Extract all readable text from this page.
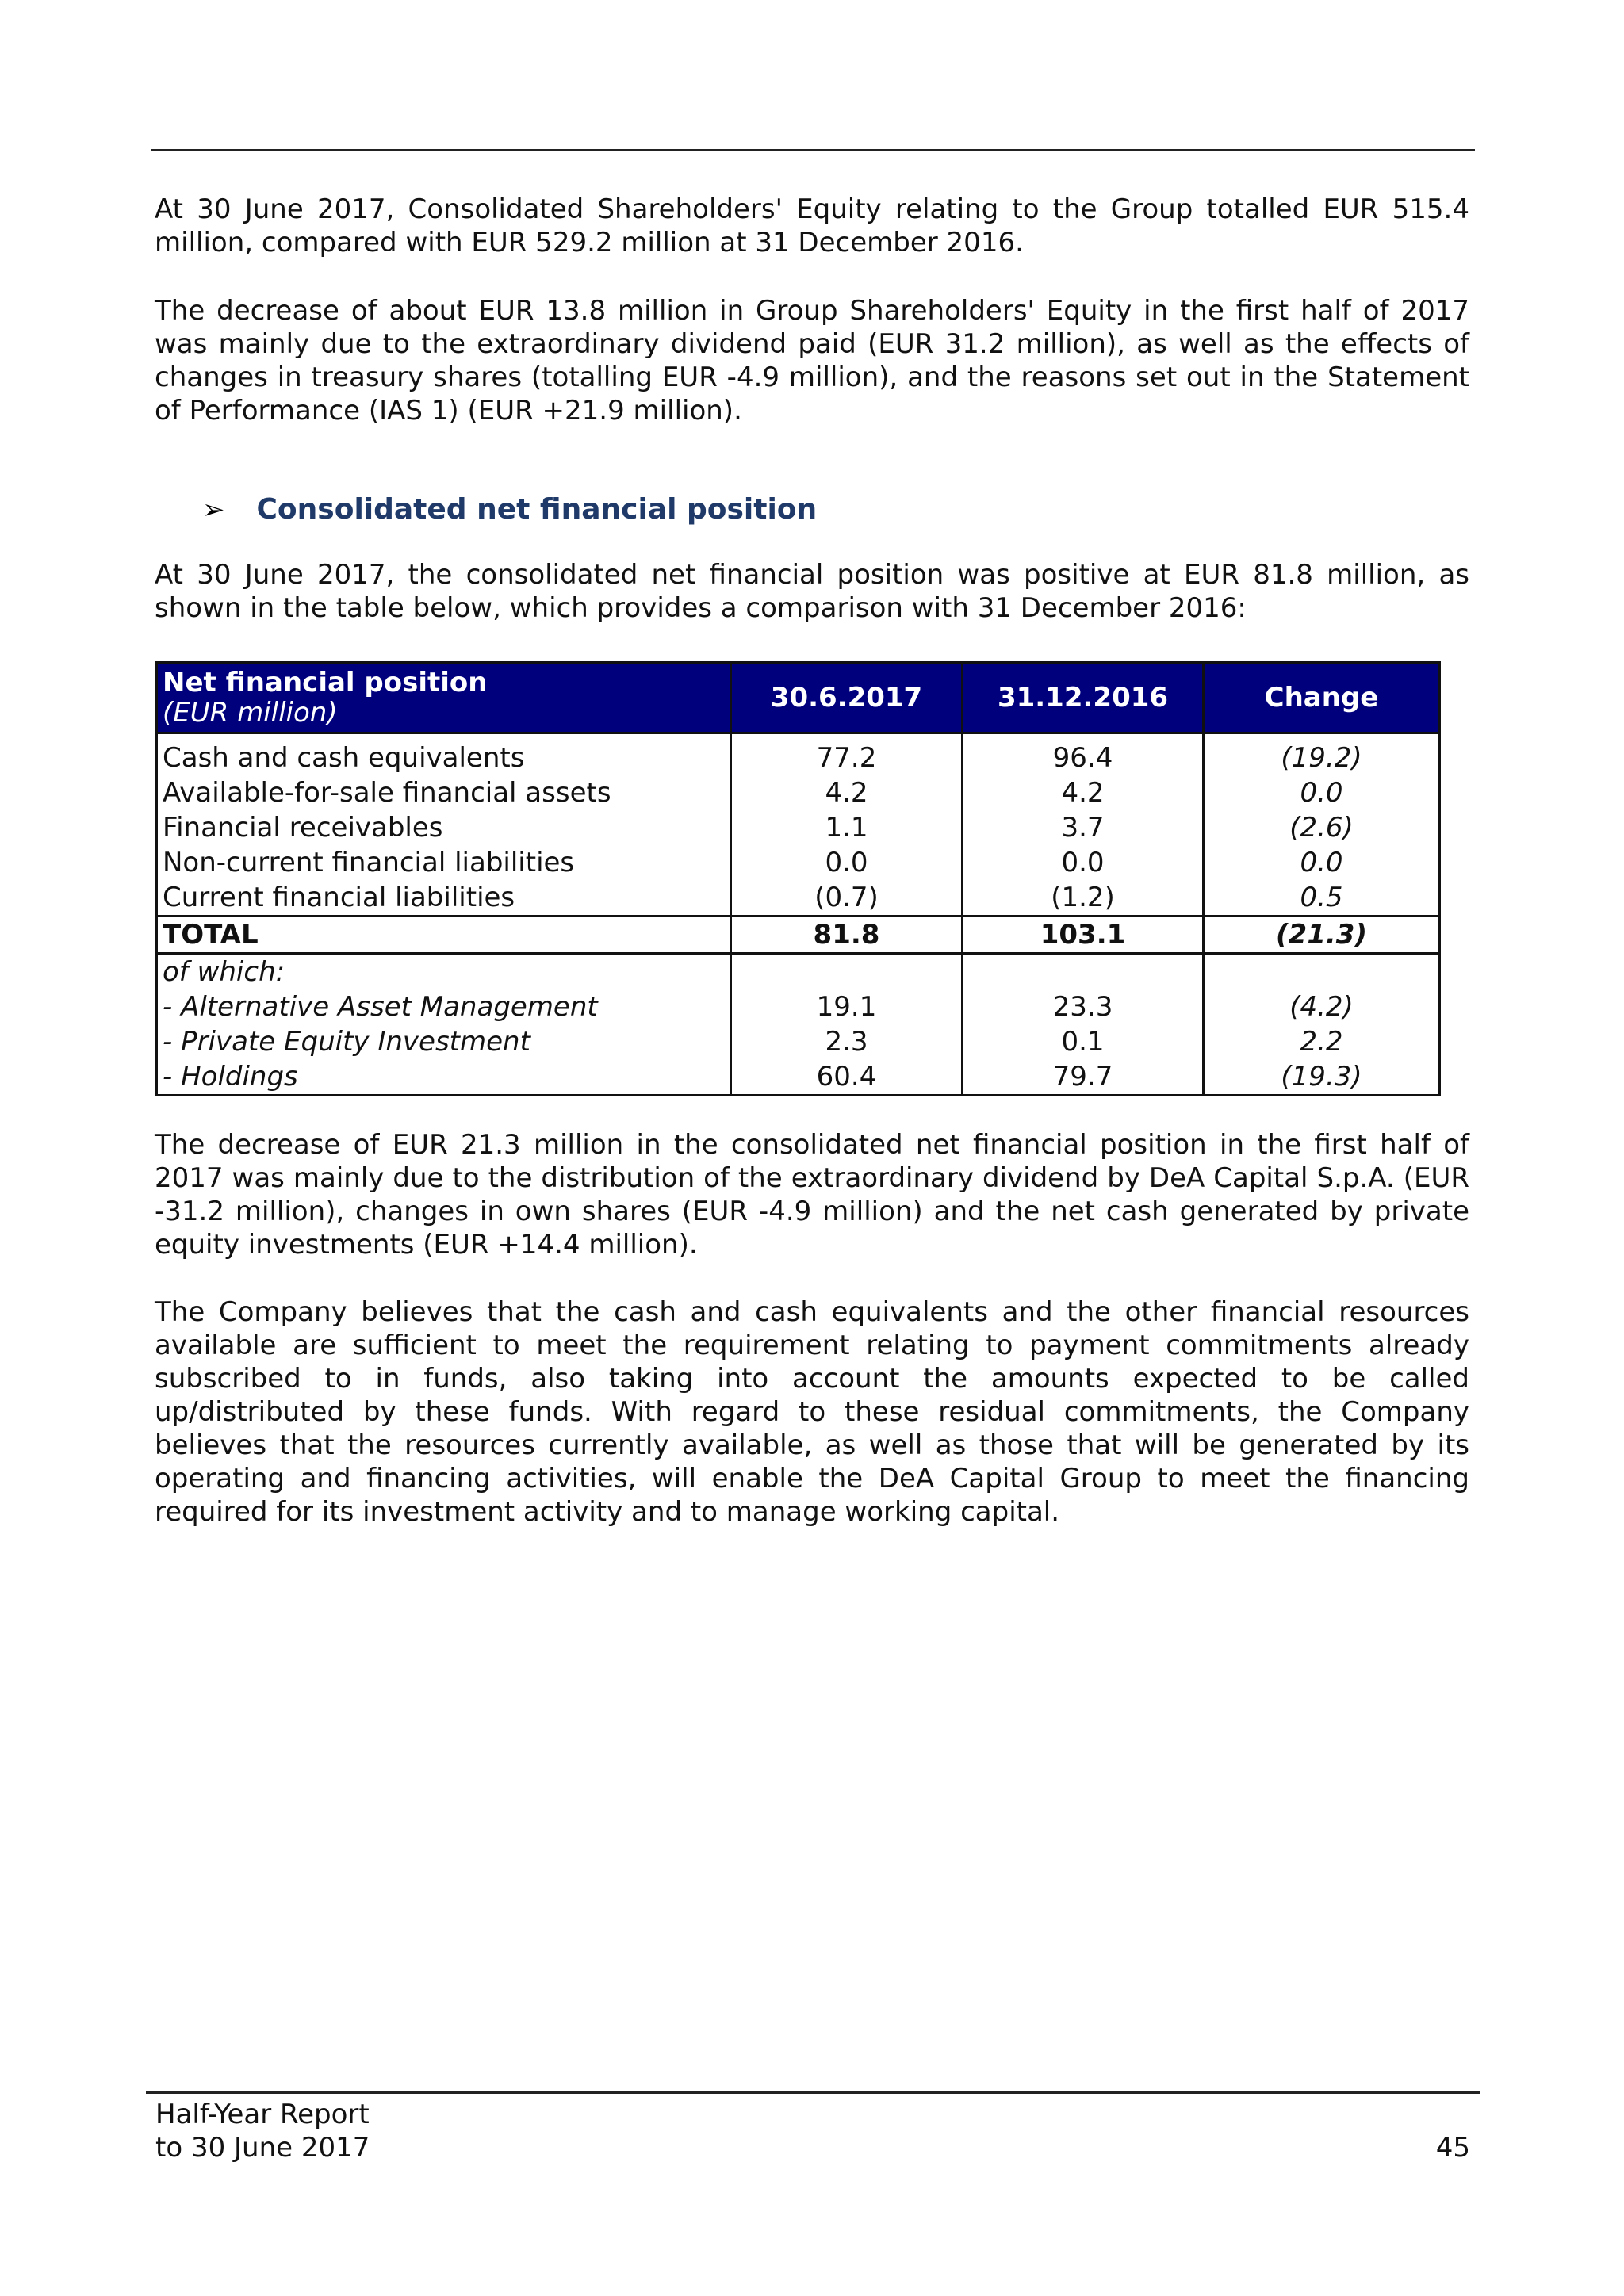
At 30 June 2017, Consolidated Shareholders' Equity relating to the Group totalled EUR 515.4 million, compared with EUR 529.2 million at 31 December 2016.

The decrease of about EUR 13.8 million in Group Shareholders' Equity in the first half of 2017 was mainly due to the extraordinary dividend paid (EUR 31.2 million), as well as the effects of changes in treasury shares (totalling EUR -4.9 million), and the reasons set out in the Statement of Performance (IAS 1) (EUR +21.9 million).

➢ Consolidated net financial position

At 30 June 2017, the consolidated net financial position was positive at EUR 81.8 million, as shown in the table below, which provides a comparison with 31 December 2016:

Net financial position
(EUR million)	30.6.2017	31.12.2016	Change

Cash and cash equivalents	77.2	96.4	(19.2)
Available-for-sale financial assets	4.2	4.2	0.0
Financial receivables	1.1	3.7	(2.6)
Non-current financial liabilities	0.0	0.0	0.0
Current financial liabilities	(0.7)	(1.2)	0.5
TOTAL	81.8	103.1	(21.3)
of which:			
- Alternative Asset Management	19.1	23.3	(4.2)
- Private Equity Investment	2.3	0.1	2.2
- Holdings	60.4	79.7	(19.3)

The decrease of EUR 21.3 million in the consolidated net financial position in the first half of 2017 was mainly due to the distribution of the extraordinary dividend by DeA Capital S.p.A. (EUR -31.2 million), changes in own shares (EUR -4.9 million) and the net cash generated by private equity investments (EUR +14.4 million).

The Company believes that the cash and cash equivalents and the other financial resources available are sufficient to meet the requirement relating to payment commitments already subscribed to in funds, also taking into account the amounts expected to be called up/distributed by these funds. With regard to these residual commitments, the Company believes that the resources currently available, as well as those that will be generated by its operating and financing activities, will enable the DeA Capital Group to meet the financing required for its investment activity and to manage working capital.

Half-Year Report
to 30 June 2017	45
